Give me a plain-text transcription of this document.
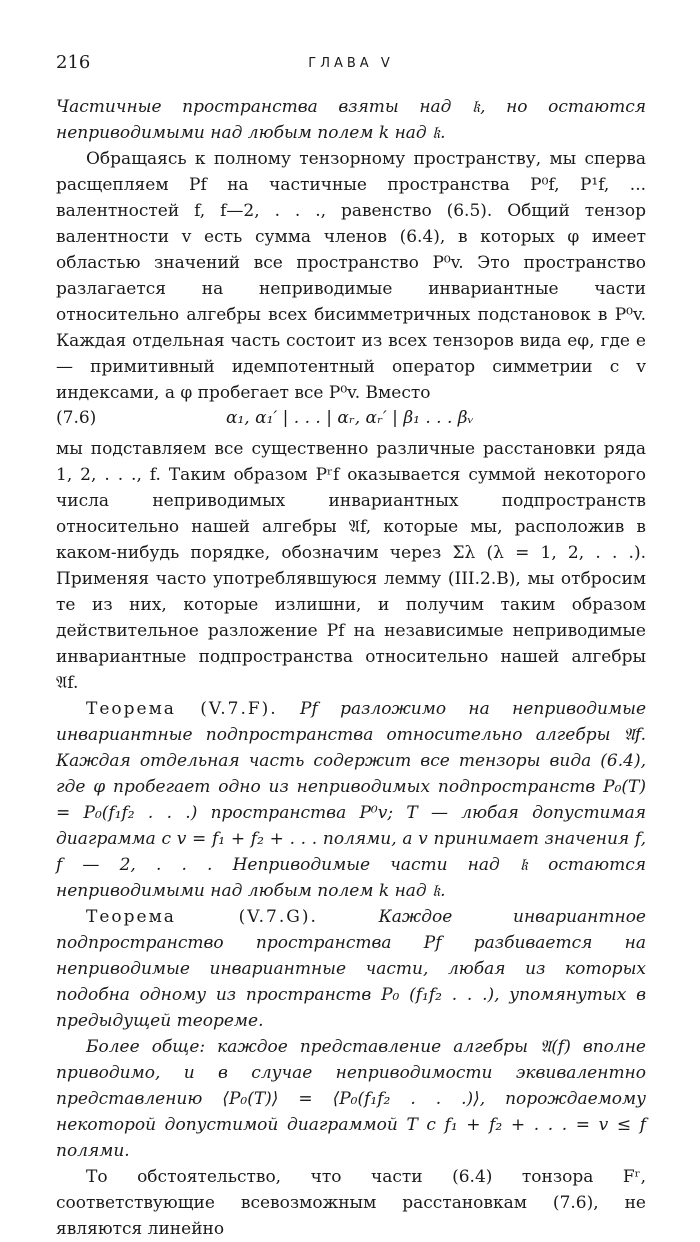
216	ГЛАВА V

Частичные пространства взяты над 𝔨, но остаются неприводимыми над любым полем k над 𝔨.

Обращаясь к полному тензорному пространству, мы сперва расщепляем Pf на частичные пространства P⁰f, P¹f, ... валентностей f, f—2, . . ., равенство (6.5). Общий тензор валентности v есть сумма членов (6.4), в которых φ имеет областью значений все пространство P⁰v. Это пространство разлагается на неприводимые инвариантные части относительно алгебры всех бисимметричных подстановок в P⁰v. Каждая отдельная часть состоит из всех тензоров вида eφ, где e — примитивный идемпотентный оператор симметрии с v индексами, а φ пробегает все P⁰v. Вместо

(7.6)	α₁, α₁′ | . . . | αᵣ, αᵣ′ | β₁ . . . βᵥ

мы подставляем все существенно различные расстановки ряда 1, 2, . . ., f. Таким образом Pʳf оказывается суммой некоторого числа неприводимых инвариантных подпространств относительно нашей алгебры 𝔄f, которые мы, расположив в каком-нибудь порядке, обозначим через Σλ (λ = 1, 2, . . .). Применяя часто употреблявшуюся лемму (III.2.B), мы отбросим те из них, которые излишни, и получим таким образом действительное разложение Pf на независимые неприводимые инвариантные подпространства относительно нашей алгебры 𝔄f.

Теорема (V.7.F). Pf разложимо на неприводимые инвариантные подпространства относительно алгебры 𝔄f. Каждая отдельная часть содержит все тензоры вида (6.4), где φ пробегает одно из неприводимых подпространств P₀(T) = P₀(f₁f₂ . . .) пространства P⁰v; T — любая допустимая диаграмма с v = f₁ + f₂ + . . . полями, а v принимает значения f, f — 2, . . . Неприводимые части над 𝔨 остаются неприводимыми над любым полем k над 𝔨.

Теорема (V.7.G).	Каждое инвариантное подпространство пространства Pf разбивается на неприводимые инвариантные части, любая из которых подобна одному из пространств P₀ (f₁f₂ . . .), упомянутых в предыдущей теореме.

Более обще: каждое представление алгебры 𝔄(f) вполне приводимо, и в случае неприводимости эквивалентно представлению ⟨P₀(T)⟩ = ⟨P₀(f₁f₂ . . .)⟩, порождаемому некоторой допустимой диаграммой T с f₁ + f₂ + . . . = v ≤ f полями.

То обстоятельство, что части (6.4) тонзора Fʳ, соответствующие всевозможным расстановкам (7.6), не являются линейно
